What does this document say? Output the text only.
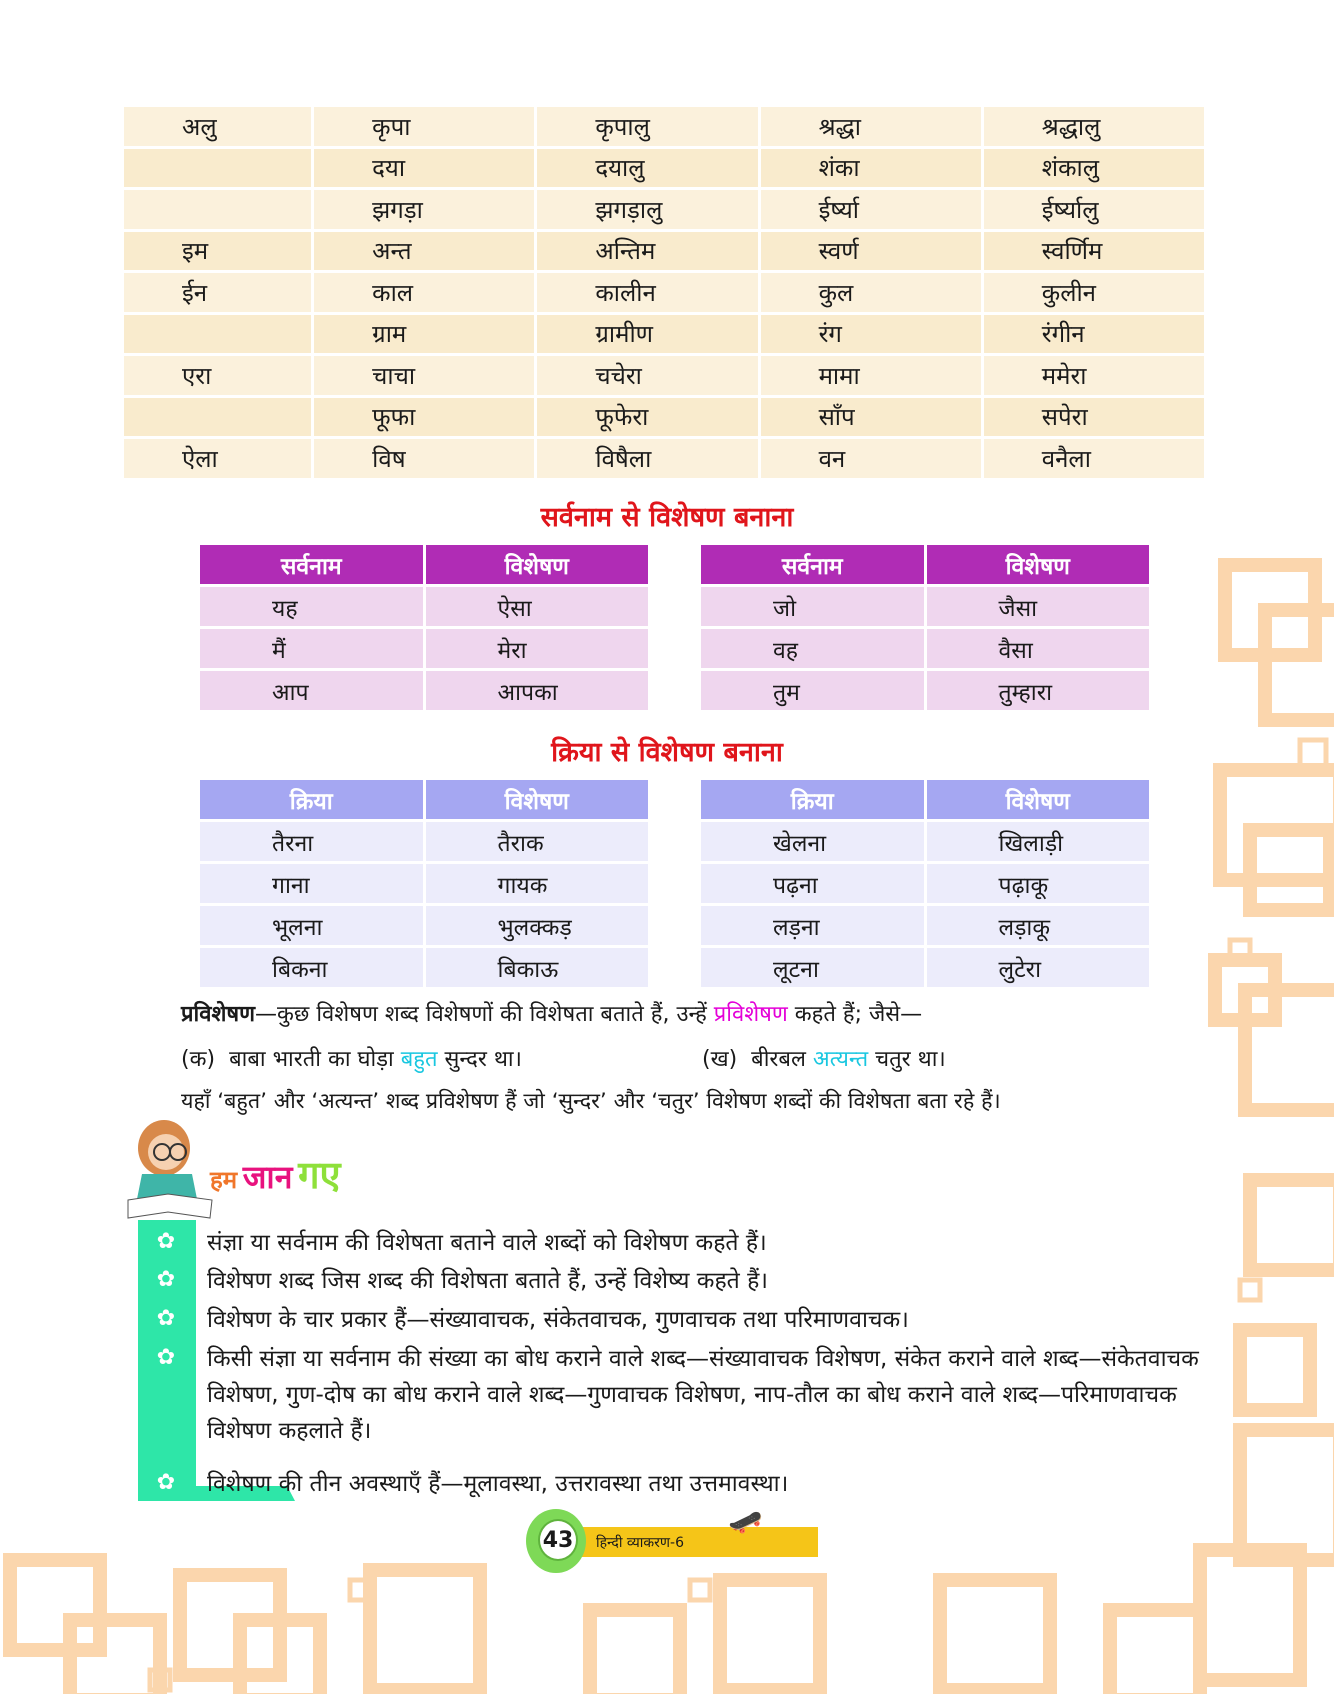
अलु	कृपा	कृपालु	श्रद्धा	श्रद्धालु
	दया	दयालु	शंका	शंकालु
	झगड़ा	झगड़ालु	ईर्ष्या	ईर्ष्यालु
इम	अन्त	अन्तिम	स्वर्ण	स्वर्णिम
ईन	काल	कालीन	कुल	कुलीन
	ग्राम	ग्रामीण	रंग	रंगीन
एरा	चाचा	चचेरा	मामा	ममेरा
	फूफा	फूफेरा	साँप	सपेरा
ऐला	विष	विषैला	वन	वनैला
सर्वनाम से विशेषण बनाना
सर्वनाम	विशेषण
यह	ऐसा
मैं	मेरा
आप	आपका
सर्वनाम	विशेषण
जो	जैसा
वह	वैसा
तुम	तुम्हारा
क्रिया से विशेषण बनाना
क्रिया	विशेषण
तैरना	तैराक
गाना	गायक
भूलना	भुलक्कड़
बिकना	बिकाऊ
क्रिया	विशेषण
खेलना	खिलाड़ी
पढ़ना	पढ़ाकू
लड़ना	लड़ाकू
लूटना	लुटेरा
प्रविशेषण—कुछ विशेषण शब्द विशेषणों की विशेषता बताते हैं, उन्हें प्रविशेषण कहते हैं; जैसे—
(क) बाबा भारती का घोड़ा बहुत सुन्दर था।	(ख) बीरबल अत्यन्त चतुर था।
यहाँ ‘बहुत’ और ‘अत्यन्त’ शब्द प्रविशेषण हैं जो ‘सुन्दर’ और ‘चतुर’ विशेषण शब्दों की विशेषता बता रहे हैं।
हम जान गए
✿ संज्ञा या सर्वनाम की विशेषता बताने वाले शब्दों को विशेषण कहते हैं।
✿ विशेषण शब्द जिस शब्द की विशेषता बताते हैं, उन्हें विशेष्य कहते हैं।
✿ विशेषण के चार प्रकार हैं—संख्यावाचक, संकेतवाचक, गुणवाचक तथा परिमाणवाचक।
✿ किसी संज्ञा या सर्वनाम की संख्या का बोध कराने वाले शब्द—संख्यावाचक विशेषण, संकेत कराने वाले शब्द—संकेतवाचक विशेषण, गुण-दोष का बोध कराने वाले शब्द—गुणवाचक विशेषण, नाप-तौल का बोध कराने वाले शब्द—परिमाणवाचक विशेषण कहलाते हैं।
✿ विशेषण की तीन अवस्थाएँ हैं—मूलावस्था, उत्तरावस्था तथा उत्तमावस्था।
43	हिन्दी व्याकरण-6
🛹
